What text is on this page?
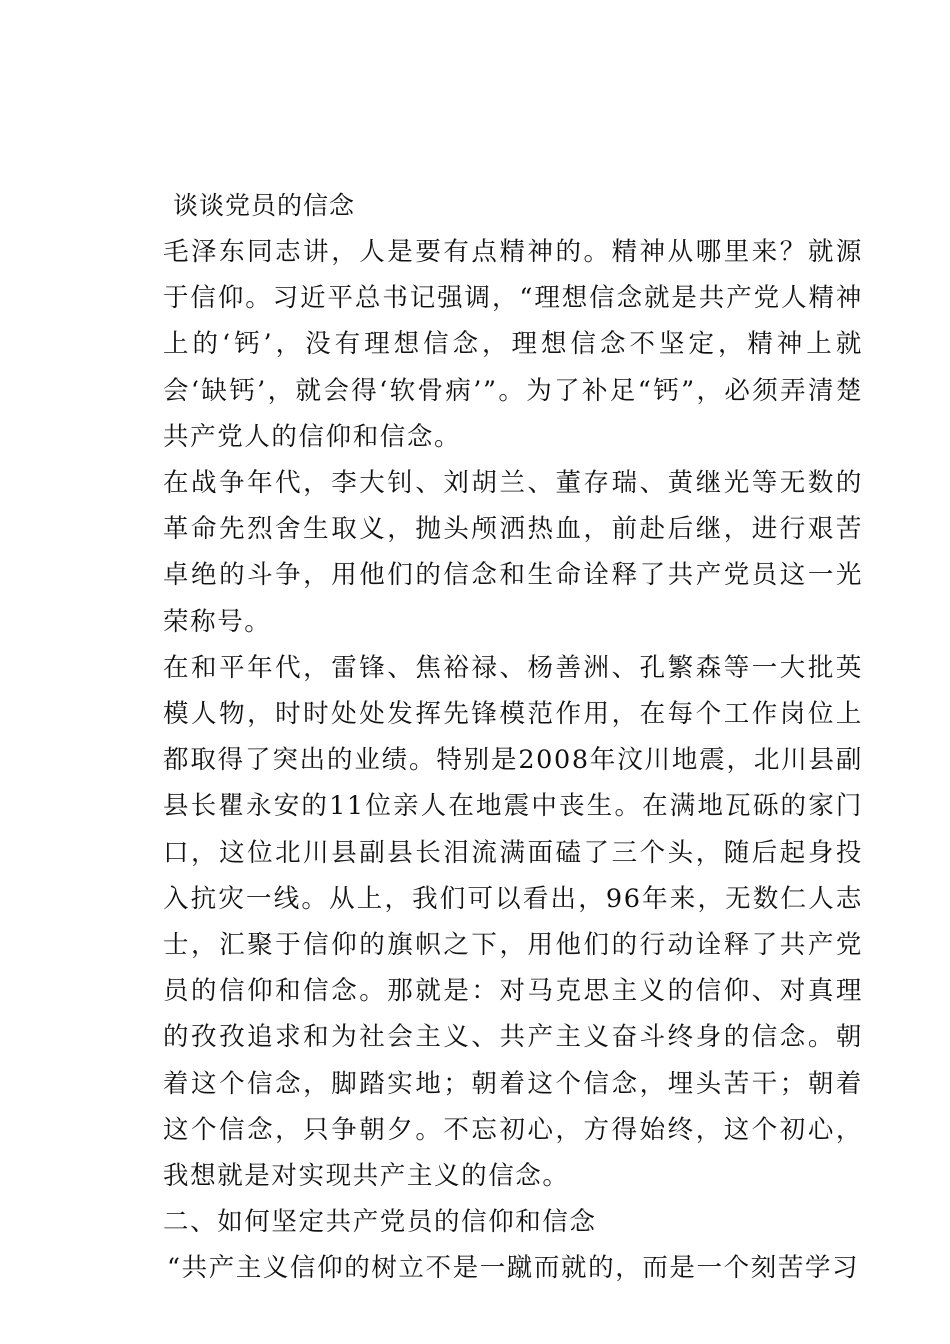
谈谈党员的信念

毛泽东同志讲，人是要有点精神的。精神从哪里来？就源于信仰。习近平总书记强调，“理想信念就是共产党人精神上的‘钙’，没有理想信念，理想信念不坚定，精神上就会‘缺钙’，就会得‘软骨病’”。为了补足“钙”，必须弄清楚共产党人的信仰和信念。

在战争年代，李大钊、刘胡兰、董存瑞、黄继光等无数的革命先烈舍生取义，抛头颅洒热血，前赴后继，进行艰苦卓绝的斗争，用他们的信念和生命诠释了共产党员这一光荣称号。

在和平年代，雷锋、焦裕禄、杨善洲、孔繁森等一大批英模人物，时时处处发挥先锋模范作用，在每个工作岗位上都取得了突出的业绩。特别是2008年汶川地震，北川县副县长瞿永安的11位亲人在地震中丧生。在满地瓦砾的家门口，这位北川县副县长泪流满面磕了三个头，随后起身投入抗灾一线。从上，我们可以看出，96年来，无数仁人志士，汇聚于信仰的旗帜之下，用他们的行动诠释了共产党员的信仰和信念。那就是：对马克思主义的信仰、对真理的孜孜追求和为社会主义、共产主义奋斗终身的信念。朝着这个信念，脚踏实地；朝着这个信念，埋头苦干；朝着这个信念，只争朝夕。不忘初心，方得始终，这个初心，我想就是对实现共产主义的信念。

二、如何坚定共产党员的信仰和信念

“共产主义信仰的树立不是一蹴而就的，而是一个刻苦学习
